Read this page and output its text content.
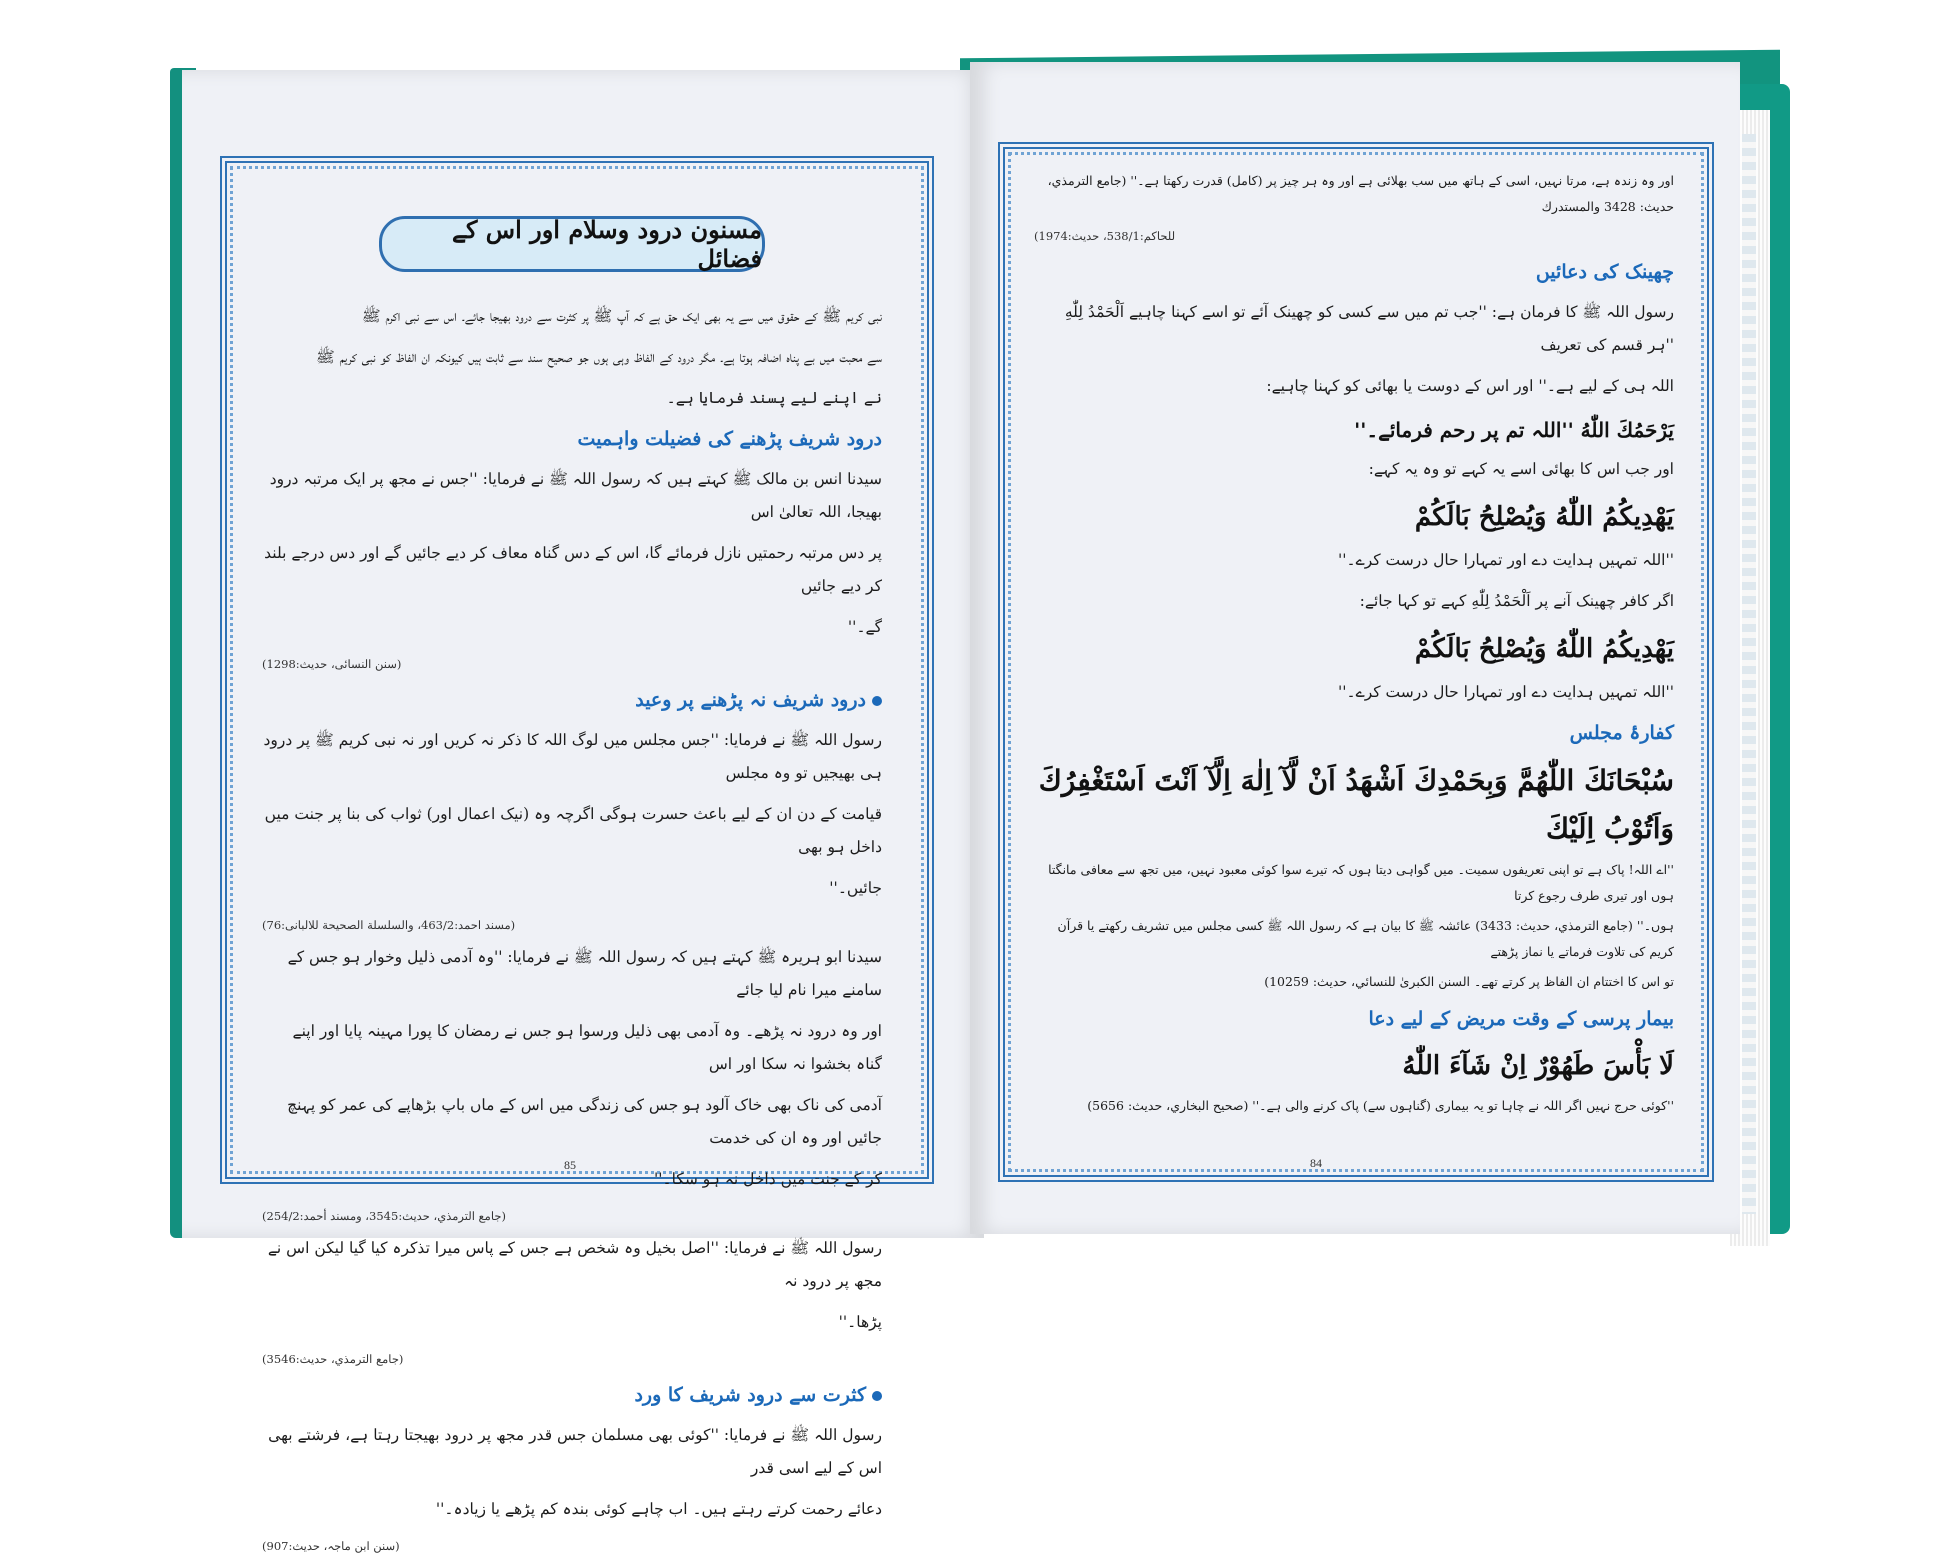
مسنون درود وسلام اور اس کے فضائل

نبی کریم ﷺ کے حقوق میں سے یہ بھی ایک حق ہے کہ آپ ﷺ پر کثرت سے درود بھیجا جائے۔ اس سے نبی اکرم ﷺ

سے محبت میں بے پناہ اضافہ ہوتا ہے۔ مگر درود کے الفاظ وہی ہوں جو صحیح سند سے ثابت ہیں کیونکہ ان الفاظ کو نبی کریم ﷺ

نے اپنے لیے پسند فرمایا ہے۔

درود شریف پڑھنے کی فضیلت واہمیت

سیدنا انس بن مالک ﷺ کہتے ہیں کہ رسول اللہ ﷺ نے فرمایا: ''جس نے مجھ پر ایک مرتبہ درود بھیجا، اللہ تعالیٰ اس

پر دس مرتبہ رحمتیں نازل فرمائے گا، اس کے دس گناہ معاف کر دیے جائیں گے اور دس درجے بلند کر دیے جائیں

گے۔''

(سنن النسائی، حدیث:1298)

درود شریف نہ پڑھنے پر وعید

رسول اللہ ﷺ نے فرمایا: ''جس مجلس میں لوگ اللہ کا ذکر نہ کریں اور نہ نبی کریم ﷺ پر درود ہی بھیجیں تو وہ مجلس

قیامت کے دن ان کے لیے باعث حسرت ہوگی اگرچہ وہ (نیک اعمال اور) ثواب کی بنا پر جنت میں داخل ہو بھی

جائیں۔''

(مسند احمد:463/2، والسلسلة الصحيحة للالبانی:76)

سیدنا ابو ہریرہ ﷺ کہتے ہیں کہ رسول اللہ ﷺ نے فرمایا: ''وہ آدمی ذلیل وخوار ہو جس کے سامنے میرا نام لیا جائے

اور وہ درود نہ پڑھے۔ وہ آدمی بھی ذلیل ورسوا ہو جس نے رمضان کا پورا مہینہ پایا اور اپنے گناہ بخشوا نہ سکا اور اس

آدمی کی ناک بھی خاک آلود ہو جس کی زندگی میں اس کے ماں باپ بڑھاپے کی عمر کو پہنچ جائیں اور وہ ان کی خدمت

کر کے جنت میں داخل نہ ہو سکا۔''

(جامع الترمذي، حديث:3545، ومسند أحمد:254/2)

رسول اللہ ﷺ نے فرمایا: ''اصل بخیل وہ شخص ہے جس کے پاس میرا تذکرہ کیا گیا لیکن اس نے مجھ پر درود نہ

پڑھا۔''

(جامع الترمذي، حديث:3546)

کثرت سے درود شریف کا ورد

رسول اللہ ﷺ نے فرمایا: ''کوئی بھی مسلمان جس قدر مجھ پر درود بھیجتا رہتا ہے، فرشتے بھی اس کے لیے اسی قدر

دعائے رحمت کرتے رہتے ہیں۔ اب چاہے کوئی بندہ کم پڑھے یا زیادہ۔''

(سنن ابن ماجہ، حدیث:907)

85

اور وہ زندہ ہے، مرتا نہیں، اسی کے ہاتھ میں سب بھلائی ہے اور وہ ہر چیز پر (کامل) قدرت رکھتا ہے۔'' (جامع الترمذي، حديث: 3428 والمستدرك

للحاكم:538/1، حديث:1974)

چھینک کی دعائیں

رسول اللہ ﷺ کا فرمان ہے: ''جب تم میں سے کسی کو چھینک آئے تو اسے کہنا چاہیے اَلْحَمْدُ لِلّٰهِ ''ہر قسم کی تعریف

اللہ ہی کے لیے ہے۔'' اور اس کے دوست یا بھائی کو کہنا چاہیے:

يَرْحَمُكَ اللّٰهُ ''اللہ تم پر رحم فرمائے۔''

اور جب اس کا بھائی اسے یہ کہے تو وہ یہ کہے:

يَهْدِيكُمُ اللّٰهُ وَيُصْلِحُ بَالَكُمْ

''اللہ تمہیں ہدایت دے اور تمہارا حال درست کرے۔''

اگر کافر چھینک آنے پر اَلْحَمْدُ لِلّٰهِ کہے تو کہا جائے:

يَهْدِيكُمُ اللّٰهُ وَيُصْلِحُ بَالَكُمْ

''اللہ تمہیں ہدایت دے اور تمہارا حال درست کرے۔''

کفارۂ مجلس
سُبْحَانَكَ اللّٰهُمَّ وَبِحَمْدِكَ اَشْهَدُ اَنْ لَّآ اِلٰهَ اِلَّآ اَنْتَ اَسْتَغْفِرُكَ وَاَتُوْبُ اِلَيْكَ

''اے اللہ! پاک ہے تو اپنی تعریفوں سمیت۔ میں گواہی دیتا ہوں کہ تیرے سوا کوئی معبود نہیں، میں تجھ سے معافی مانگتا ہوں اور تیری طرف رجوع کرتا

ہوں۔'' (جامع الترمذي، حديث: 3433) عائشہ ﷺ کا بیان ہے کہ رسول اللہ ﷺ کسی مجلس میں تشریف رکھتے یا قرآن کریم کی تلاوت فرماتے یا نماز پڑھتے

تو اس کا اختتام ان الفاظ پر کرتے تھے۔ السنن الكبرىٰ للنسائي، حديث: 10259)

بیمار پرسی کے وقت مریض کے لیے دعا
لَا بَأْسَ طَهُوْرٌ اِنْ شَآءَ اللّٰهُ

''کوئی حرج نہیں اگر اللہ نے چاہا تو یہ بیماری (گناہوں سے) پاک کرنے والی ہے۔'' (صحيح البخاري، حديث: 5656)

84
